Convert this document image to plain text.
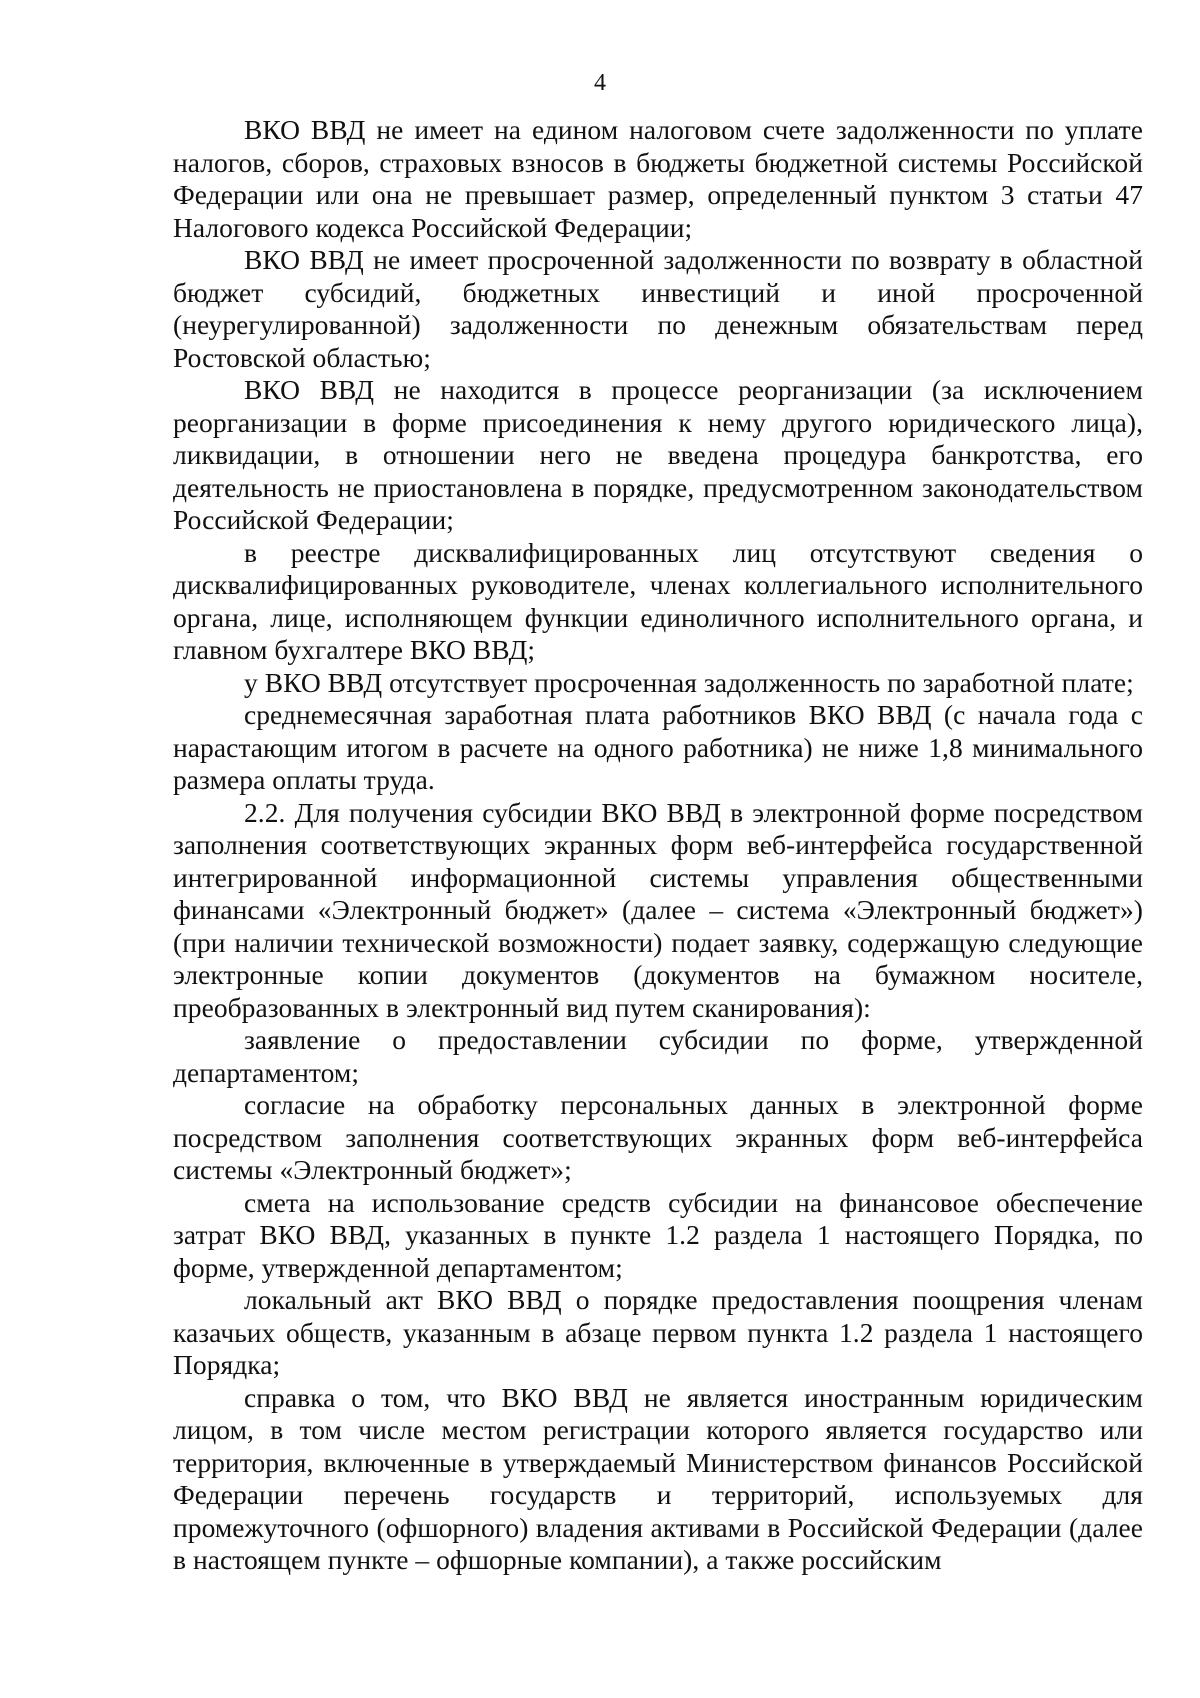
4

ВКО ВВД не имеет на едином налоговом счете задолженности по уплате налогов, сборов, страховых взносов в бюджеты бюджетной системы Российской Федерации или она не превышает размер, определенный пунктом 3 статьи 47 Налогового кодекса Российской Федерации;

ВКО ВВД не имеет просроченной задолженности по возврату в областной бюджет субсидий, бюджетных инвестиций и иной просроченной (неурегулированной) задолженности по денежным обязательствам перед Ростовской областью;

ВКО ВВД не находится в процессе реорганизации (за исключением реорганизации в форме присоединения к нему другого юридического лица), ликвидации, в отношении него не введена процедура банкротства, его деятельность не приостановлена в порядке, предусмотренном законодательством Российской Федерации;

в реестре дисквалифицированных лиц отсутствуют сведения о дисквалифицированных руководителе, членах коллегиального исполнительного органа, лице, исполняющем функции единоличного исполнительного органа, и главном бухгалтере ВКО ВВД;

у ВКО ВВД отсутствует просроченная задолженность по заработной плате;

среднемесячная заработная плата работников ВКО ВВД (с начала года с нарастающим итогом в расчете на одного работника) не ниже 1,8 минимального размера оплаты труда.

2.2. Для получения субсидии ВКО ВВД в электронной форме посредством заполнения соответствующих экранных форм веб-интерфейса государственной интегрированной информационной системы управления общественными финансами «Электронный бюджет» (далее – система «Электронный бюджет») (при наличии технической возможности) подает заявку, содержащую следующие электронные копии документов (документов на бумажном носителе, преобразованных в электронный вид путем сканирования):

заявление о предоставлении субсидии по форме, утвержденной департаментом;

согласие на обработку персональных данных в электронной форме посредством заполнения соответствующих экранных форм веб-интерфейса системы «Электронный бюджет»;

смета на использование средств субсидии на финансовое обеспечение затрат ВКО ВВД, указанных в пункте 1.2 раздела 1 настоящего Порядка, по форме, утвержденной департаментом;

локальный акт ВКО ВВД о порядке предоставления поощрения членам казачьих обществ, указанным в абзаце первом пункта 1.2 раздела 1 настоящего Порядка;

справка о том, что ВКО ВВД не является иностранным юридическим лицом, в том числе местом регистрации которого является государство или территория, включенные в утверждаемый Министерством финансов Российской Федерации перечень государств и территорий, используемых для промежуточного (офшорного) владения активами в Российской Федерации (далее в настоящем пункте – офшорные компании), а также российским
